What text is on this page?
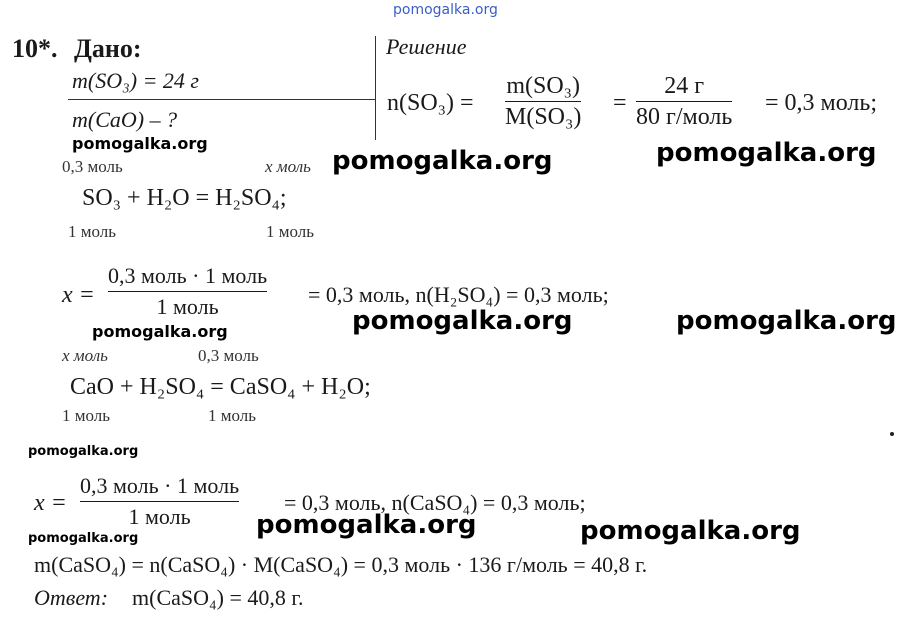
pomogalka.org
10*. Дано:
m(SO₃) = 24 г
m(CaO) – ?
Решение
n(SO₃) =
m(SO₃)
M(SO₃)
=
24 г
80 г/моль
= 0,3 моль;
pomogalka.org
pomogalka.org	pomogalka.org
0,3 моль	x моль
SO₃ + H₂O = H₂SO₄;
1 моль	1 моль
x =
0,3 моль · 1 моль
1 моль	= 0,3 моль, n(H₂SO₄) = 0,3 моль;
pomogalka.org	pomogalka.org	pomogalka.org
x моль	0,3 моль
CaO + H₂SO₄ = CaSO₄ + H₂O;
1 моль	1 моль
pomogalka.org
x =
0,3 моль · 1 моль
1 моль
= 0,3 моль, n(CaSO₄) = 0,3 моль;
pomogalka.org	pomogalka.org	pomogalka.org
m(CaSO₄) = n(CaSO₄) · M(CaSO₄) = 0,3 моль · 136 г/моль = 40,8 г.
Ответ: m(CaSO₄) = 40,8 г.
